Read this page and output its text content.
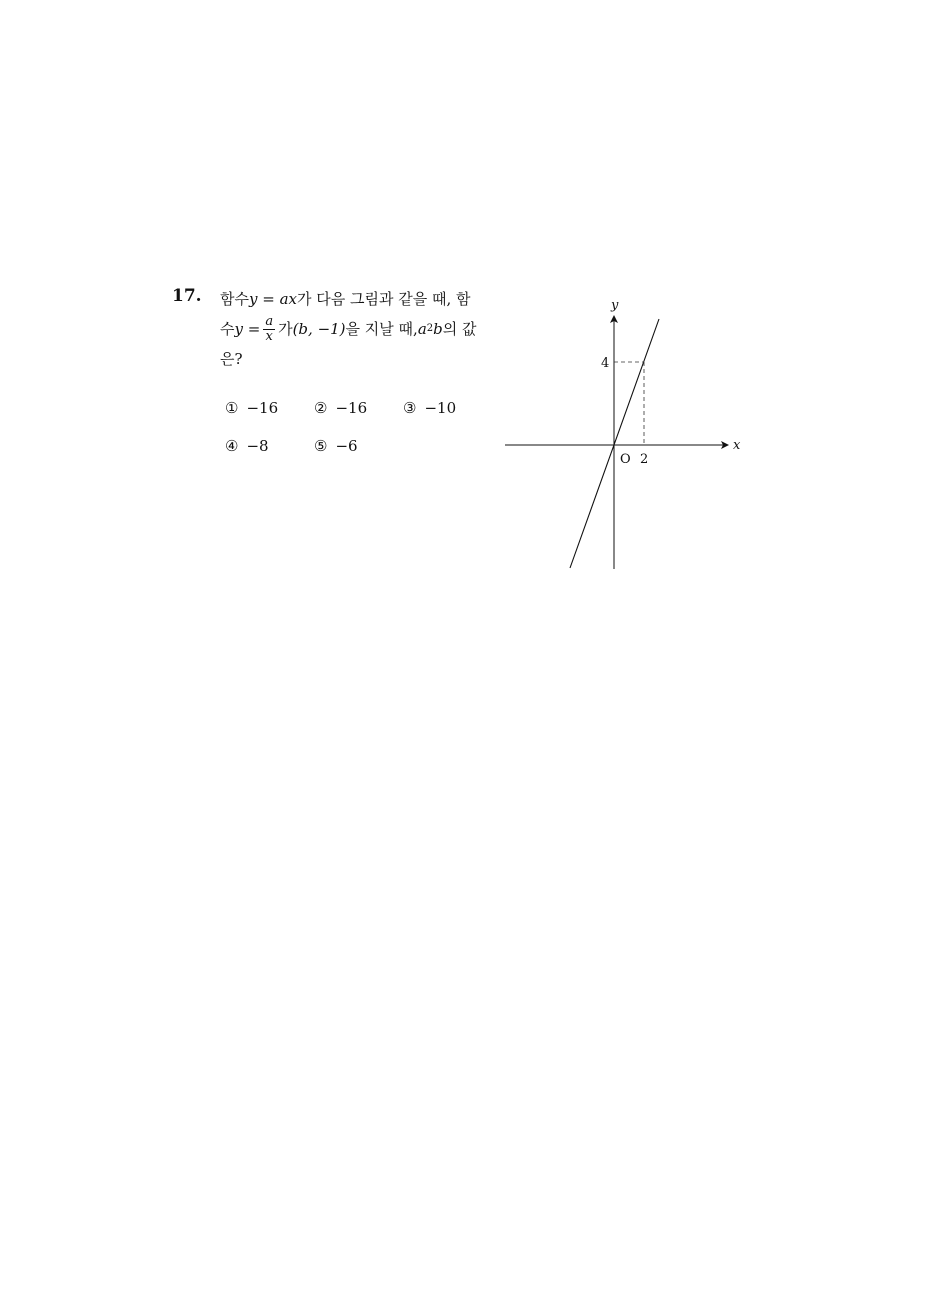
17. 함수 y = ax 가 다음 그림과 같을 때, 함
수 $y = \frac{a}{x}$ 가 (b, −1) 을 지날 때, a 2 b 의 값
은?
① −16 ② −16 ③ −10
④ −8	⑤ −6	x
y
O 2
4
